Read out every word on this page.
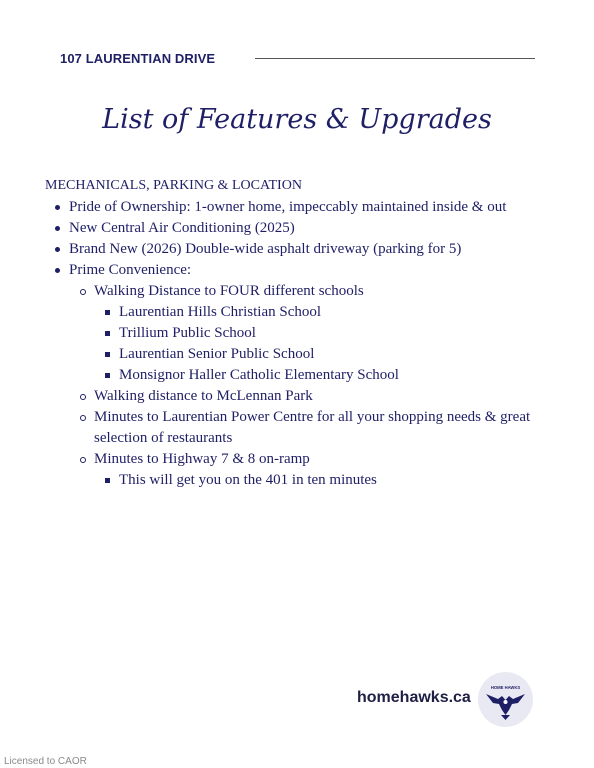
107 LAURENTIAN DRIVE
List of Features & Upgrades
MECHANICALS, PARKING & LOCATION
Pride of Ownership: 1-owner home, impeccably maintained inside & out
New Central Air Conditioning (2025)
Brand New (2026) Double-wide asphalt driveway (parking for 5)
Prime Convenience:
Walking Distance to FOUR different schools
Laurentian Hills Christian School
Trillium Public School
Laurentian Senior Public School
Monsignor Haller Catholic Elementary School
Walking distance to McLennan Park
Minutes to Laurentian Power Centre for all your shopping needs & great selection of restaurants
Minutes to Highway 7 & 8 on-ramp
This will get you on the 401 in ten minutes
homehawks.ca
HOME HAWKS
Licensed to CAOR
